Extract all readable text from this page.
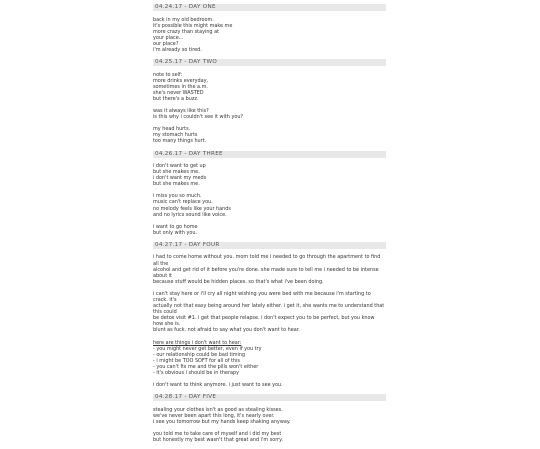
04.24.17 - DAY ONE

back in my old bedroom.
it's possible this might make me
more crazy than staying at
your place...
our place?
i'm already so tired.

04.25.17 - DAY TWO

note to self:
more drinks everyday,
sometimes in the a.m.
she's never WASTED
but there's a buzz.

was it always like this?
is this why i couldn't see it with you?

my head hurts.
my stomach hurts
too many things hurt.

04.26.17 - DAY THREE

i don't want to get up
but she makes me.
i don't want my meds
but she makes me.

i miss you so much.
music can't replace you.
no melody feels like your hands
and no lyrics sound like voice.

i want to go home
but only with you.

04.27.17 - DAY FOUR

i had to come home without you. mom told me i needed to go through the apartment to find all the
alcohol and get rid of it before you're done. she made sure to tell me i needed to be intense about it
because stuff would be hidden places. so that's what i've been doing.

i can't stay here or i'll cry all night wishing you were bed with me because i'm starting to crack. it's
actually not that easy being around her lately either. i get it, she wants me to understand that this could
be detox visit #1. i get that people relapse. i don't expect you to be perfect, but you know how she is.
blunt as fuck. not afraid to say what you don't want to hear.

here are things i don't want to hear:
- you might never get better, even if you try
- our relationship could be bad timing
- i might be TOO SOFT for all of this
- you can't fix me and the pills won't either
- it's obvious i should be in therapy

i don't want to think anymore. i just want to see you.

04.28.17 - DAY FIVE

stealing your clothes isn't as good as stealing kisses.
we've never been apart this long, it's nearly over.
i see you tomorrow but my hands keep shaking anyway.

you told me to take care of myself and i did my best
but honestly my best wasn't that great and i'm sorry.
